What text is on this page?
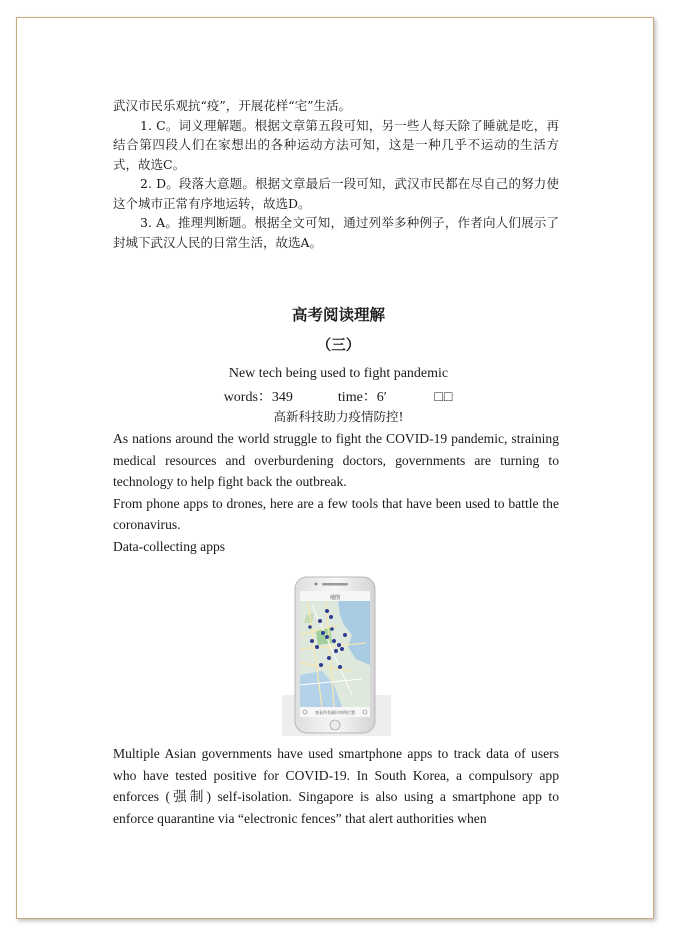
武汉市民乐观抗“疫”，开展花样“宅”生活。

1. C。词义理解题。根据文章第五段可知，另一些人每天除了睡就是吃，再结合第四段人们在家想出的各种运动方法可知，这是一种几乎不运动的生活方式，故选C。

2. D。段落大意题。根据文章最后一段可知，武汉市民都在尽自己的努力使这个城市正常有序地运转，故选D。

3. A。推理判断题。根据全文可知，通过列举多种例子，作者向人们展示了封城下武汉人民的日常生活，故选A。

高考阅读理解
（三）
New tech being used to fight pandemic
words：349	time：6′	□□
高新科技助力疫情防控!

As nations around the world struggle to fight the COVID-19 pandemic, straining medical resources and overburdening doctors, governments are turning to technology to help fight back the outbreak.

From phone apps to drones, here are a few tools that have been used to battle the coronavirus.

Data-collecting apps

地图
查看所有确诊病例位置

Multiple Asian governments have used smartphone apps to track data of users who have tested positive for COVID-19. In South Korea, a compulsory app enforces (强制) self-isolation. Singapore is also using a smartphone app to enforce quarantine via “electronic fences” that alert authorities when
